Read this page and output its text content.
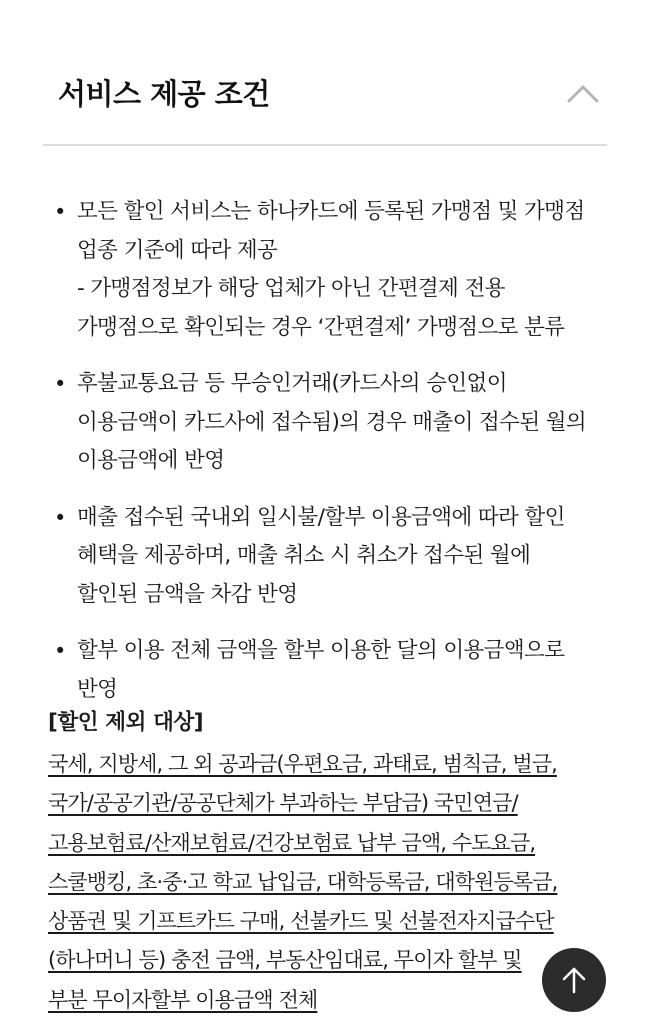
서비스 제공 조건
• 모든 할인 서비스는 하나카드에 등록된 가맹점 및 가맹점
업종 기준에 따라 제공
- 가맹점정보가 해당 업체가 아닌 간편결제 전용
가맹점으로 확인되는 경우 ‘간편결제’ 가맹점으로 분류
• 후불교통요금 등 무승인거래(카드사의 승인없이
이용금액이 카드사에 접수됨)의 경우 매출이 접수된 월의
이용금액에 반영
• 매출 접수된 국내외 일시불/할부 이용금액에 따라 할인
혜택을 제공하며, 매출 취소 시 취소가 접수된 월에
할인된 금액을 차감 반영
• 할부 이용 전체 금액을 할부 이용한 달의 이용금액으로
반영
[할인 제외 대상]
국세, 지방세, 그 외 공과금(우편요금, 과태료, 범칙금, 벌금,
국가/공공기관/공공단체가 부과하는 부담금) 국민연금/
고용보험료/산재보험료/건강보험료 납부 금액, 수도요금,
스쿨뱅킹, 초·중·고 학교 납입금, 대학등록금, 대학원등록금,
상품권 및 기프트카드 구매, 선불카드 및 선불전자지급수단
(하나머니 등) 충전 금액, 부동산임대료, 무이자 할부 및
부분 무이자할부 이용금액 전체
